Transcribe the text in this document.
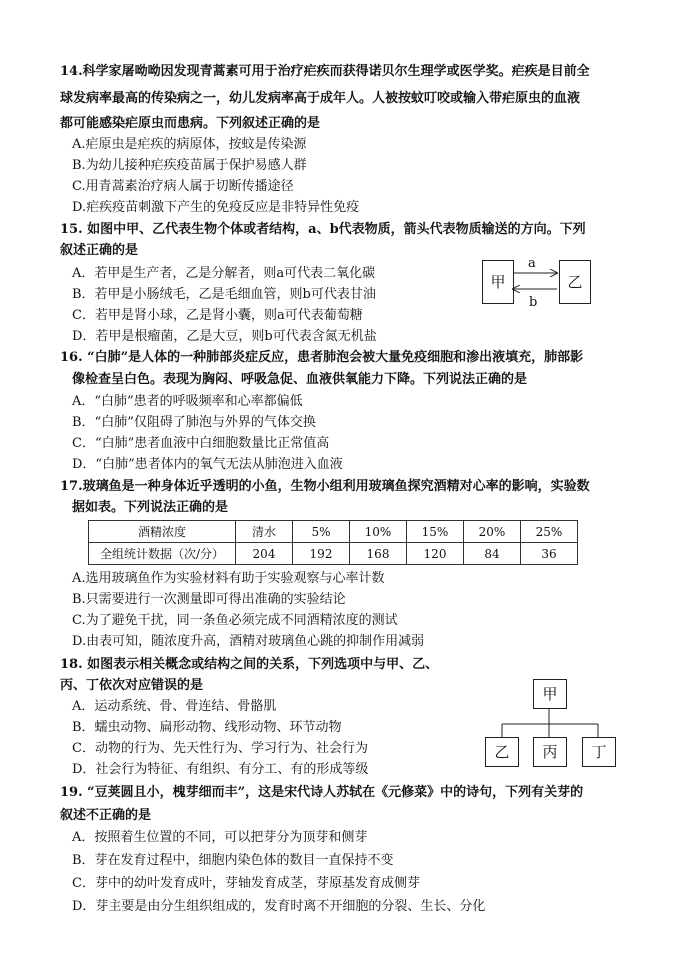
14.科学家屠呦呦因发现青蒿素可用于治疗疟疾而获得诺贝尔生理学或医学奖。疟疾是目前全
球发病率最高的传染病之一，幼儿发病率高于成年人。人被按蚊叮咬或输入带疟原虫的血液
都可能感染疟原虫而患病。下列叙述正确的是
A.疟原虫是疟疾的病原体，按蚊是传染源
B.为幼儿接种疟疾疫苗属于保护易感人群
C.用青蒿素治疗病人属于切断传播途径
D.疟疾疫苗刺激下产生的免疫反应是非特异性免疫
15. 如图中甲、乙代表生物个体或者结构，a、b代表物质，箭头代表物质输送的方向。下列
叙述正确的是
A．若甲是生产者，乙是分解者，则a可代表二氧化碳
B．若甲是小肠绒毛，乙是毛细血管，则b可代表甘油
C．若甲是肾小球，乙是肾小囊，则a可代表葡萄糖
D．若甲是根瘤菌，乙是大豆，则b可代表含氮无机盐
甲	乙
a
b
16. “白肺”是人体的一种肺部炎症反应，患者肺泡会被大量免疫细胞和渗出液填充，肺部影
像检查呈白色。表现为胸闷、呼吸急促、血液供氧能力下降。下列说法正确的是
A．“白肺”患者的呼吸频率和心率都偏低
B．“白肺”仅阻碍了肺泡与外界的气体交换
C．“白肺”患者血液中白细胞数量比正常值高
D．“白肺”患者体内的氧气无法从肺泡进入血液
17.玻璃鱼是一种身体近乎透明的小鱼，生物小组利用玻璃鱼探究酒精对心率的影响，实验数
据如表。下列说法正确的是
酒精浓度	清水	5%	10%	15%	20%	25%
全组统计数据（次/分）	204	192	168	120	84	36
A.选用玻璃鱼作为实验材料有助于实验观察与心率计数
B.只需要进行一次测量即可得出准确的实验结论
C.为了避免干扰，同一条鱼必须完成不同酒精浓度的测试
D.由表可知，随浓度升高，酒精对玻璃鱼心跳的抑制作用减弱
18. 如图表示相关概念或结构之间的关系，下列选项中与甲、乙、
丙、丁依次对应错误的是
A．运动系统、骨、骨连结、骨骼肌
B．蠕虫动物、扁形动物、线形动物、环节动物
C．动物的行为、先天性行为、学习行为、社会行为
D．社会行为特征、有组织、有分工、有的形成等级
甲
乙	丙	丁
19. “豆荚圆且小，槐芽细而丰”，这是宋代诗人苏轼在《元修菜》中的诗句，下列有关芽的
叙述不正确的是
A．按照着生位置的不同，可以把芽分为顶芽和侧芽
B．芽在发育过程中，细胞内染色体的数目一直保持不变
C．芽中的幼叶发育成叶，芽轴发育成茎，芽原基发育成侧芽
D．芽主要是由分生组织组成的，发育时离不开细胞的分裂、生长、分化
